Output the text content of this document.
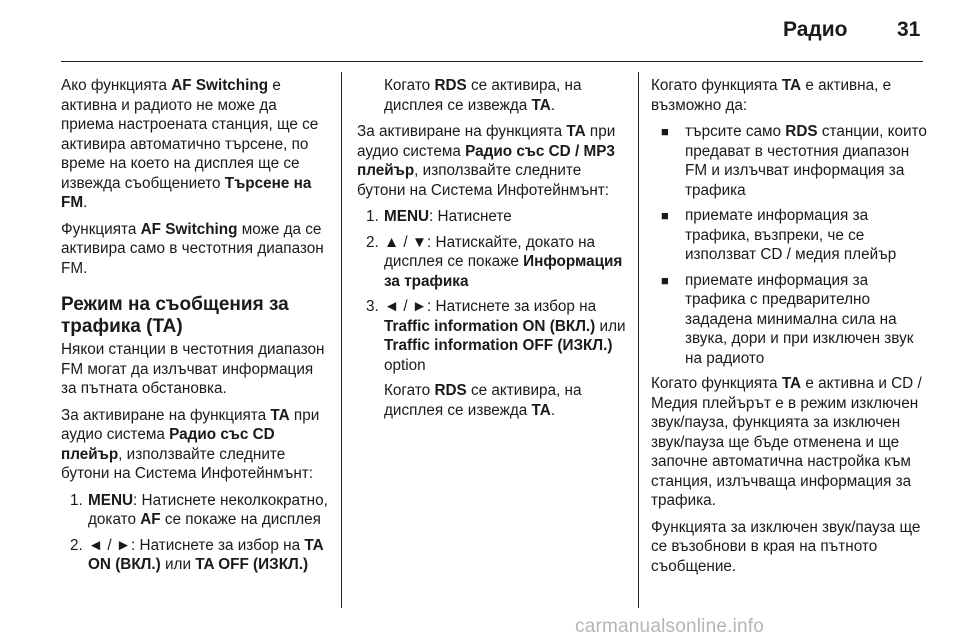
Радио 31

Ако функцията AF Switching е активна и радиото не може да приема настроената станция, ще се активира автоматично търсене, по време на което на дисплея ще се извежда съобщението Търсене на FM.

Функцията AF Switching може да се активира само в честотния диапазон FM.

Режим на съобщения за трафика (TA)

Някои станции в честотния диапазон FM могат да излъчват информация за пътната обстановка.

За активиране на функцията TA при аудио система Радио със CD плейър, използвайте следните бутони на Система Инфотейнмънт:

1. MENU: Натиснете неколкократно, докато AF се покаже на дисплея
2. ◄ / ►: Натиснете за избор на TA ON (ВКЛ.) или TA OFF (ИЗКЛ.)

Когато RDS се активира, на дисплея се извежда TA.

За активиране на функцията TA при аудио система Радио със CD / MP3 плейър, използвайте следните бутони на Система Инфотейнмънт:

1. MENU: Натиснете
2. ▲ / ▼: Натискайте, докато на дисплея се покаже Информация за трафика
3. ◄ / ►: Натиснете за избор на Traffic information ON (ВКЛ.) или Traffic information OFF (ИЗКЛ.) option

Когато RDS се активира, на дисплея се извежда TA.

Когато функцията TA е активна, е възможно да:

■ търсите само RDS станции, които предават в честотния диапазон FM и излъчват информация за трафика
■ приемате информация за трафика, възпреки, че се използват CD / медия плейър
■ приемате информация за трафика с предварително зададена минимална сила на звука, дори и при изключен звук на радиото

Когато функцията TA е активна и CD / Медия плейърът е в режим изключен звук/пауза, функцията за изключен звук/пауза ще бъде отменена и ще започне автоматична настройка към станция, излъчваща информация за трафика.

Функцията за изключен звук/пауза ще се възобнови в края на пътното съобщение.

carmanualsonline.info
